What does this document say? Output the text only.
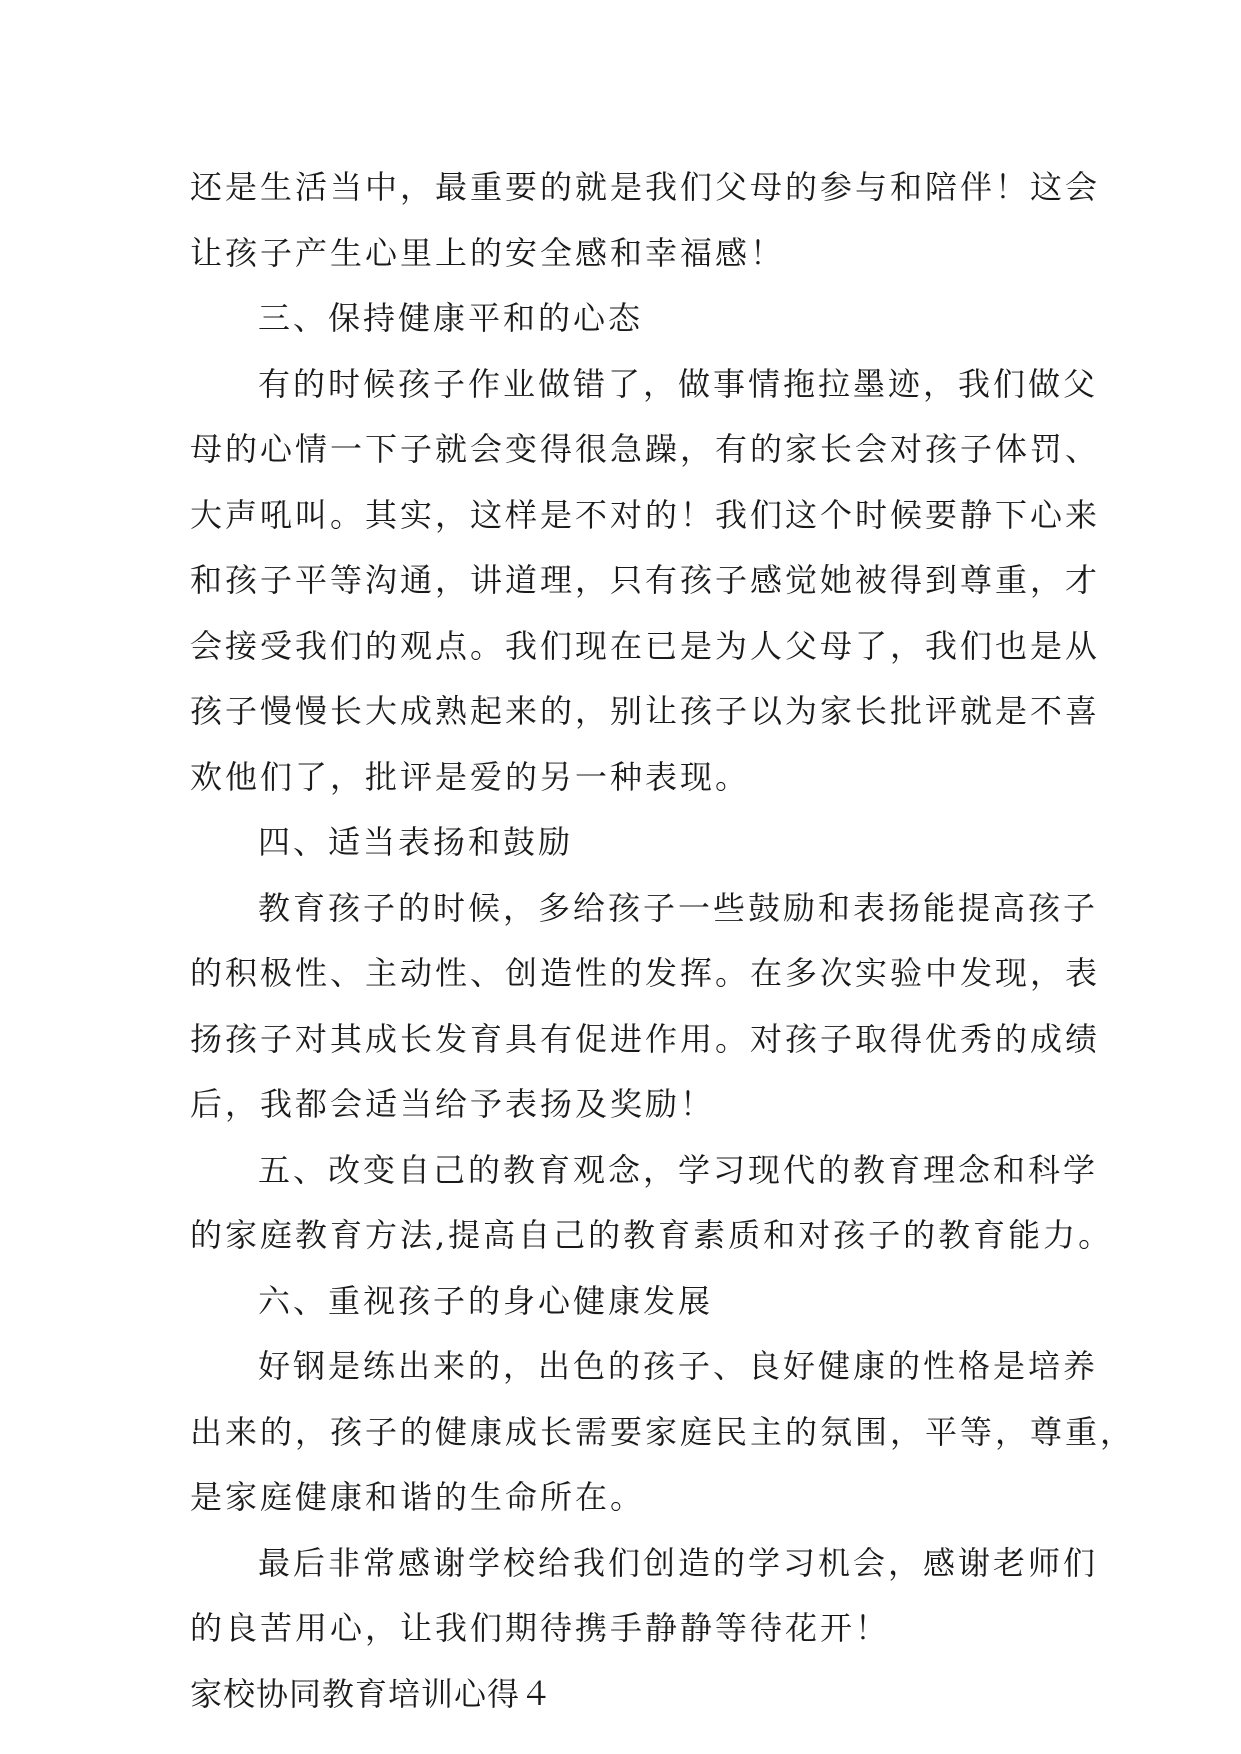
还是生活当中，最重要的就是我们父母的参与和陪伴！这会
让孩子产生心里上的安全感和幸福感！
三、保持健康平和的心态
有的时候孩子作业做错了，做事情拖拉墨迹，我们做父
母的心情一下子就会变得很急躁，有的家长会对孩子体罚、
大声吼叫。其实，这样是不对的！我们这个时候要静下心来
和孩子平等沟通，讲道理，只有孩子感觉她被得到尊重，才
会接受我们的观点。我们现在已是为人父母了，我们也是从
孩子慢慢长大成熟起来的，别让孩子以为家长批评就是不喜
欢他们了，批评是爱的另一种表现。
四、适当表扬和鼓励
教育孩子的时候，多给孩子一些鼓励和表扬能提高孩子
的积极性、主动性、创造性的发挥。在多次实验中发现，表
扬孩子对其成长发育具有促进作用。对孩子取得优秀的成绩
后，我都会适当给予表扬及奖励！
五、改变自己的教育观念，学习现代的教育理念和科学
的家庭教育方法,提高自己的教育素质和对孩子的教育能力。
六、重视孩子的身心健康发展
好钢是练出来的，出色的孩子、良好健康的性格是培养
出来的，孩子的健康成长需要家庭民主的氛围，平等，尊重，
是家庭健康和谐的生命所在。
最后非常感谢学校给我们创造的学习机会，感谢老师们
的良苦用心，让我们期待携手静静等待花开！
家校协同教育培训心得４
